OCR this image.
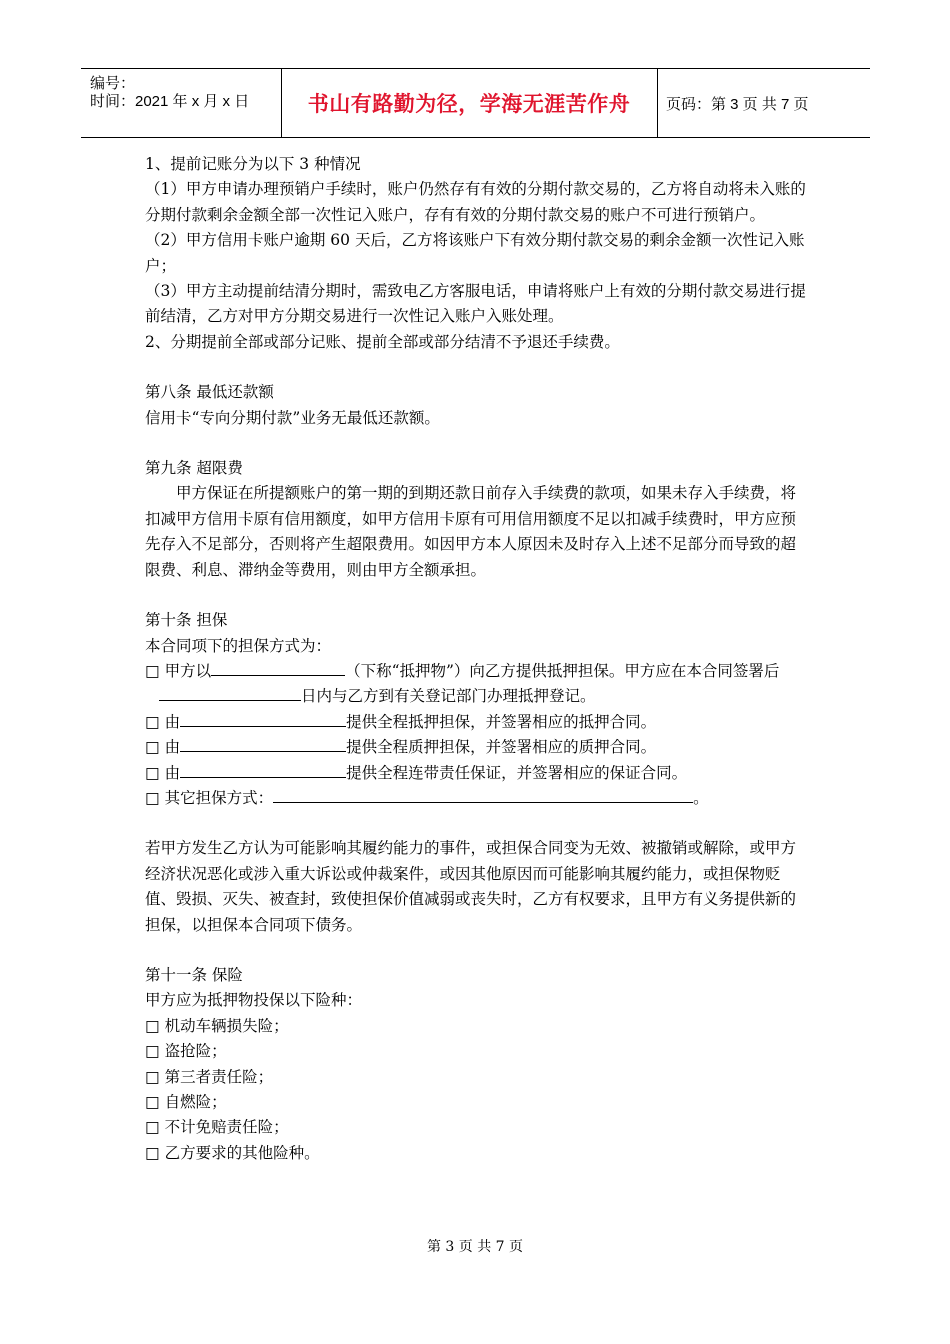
编号：
时间：2021 年 x 月 x 日	书山有路勤为径，学海无涯苦作舟 页码：第 3 页 共 7 页

1、提前记账分为以下 3 种情况

（1）甲方申请办理预销户手续时，账户仍然存有有效的分期付款交易的，乙方将自动将未入账的分期付款剩余金额全部一次性记入账户，存有有效的分期付款交易的账户不可进行预销户。

（2）甲方信用卡账户逾期 60 天后，乙方将该账户下有效分期付款交易的剩余金额一次性记入账户；

（3）甲方主动提前结清分期时，需致电乙方客服电话，申请将账户上有效的分期付款交易进行提前结清，乙方对甲方分期交易进行一次性记入账户入账处理。

2、分期提前全部或部分记账、提前全部或部分结清不予退还手续费。

第八条 最低还款额

信用卡“专向分期付款”业务无最低还款额。

第九条 超限费

甲方保证在所提额账户的第一期的到期还款日前存入手续费的款项，如果未存入手续费，将扣减甲方信用卡原有信用额度，如甲方信用卡原有可用信用额度不足以扣减手续费时，甲方应预先存入不足部分，否则将产生超限费用。如因甲方本人原因未及时存入上述不足部分而导致的超限费、利息、滞纳金等费用，则由甲方全额承担。

第十条 担保

本合同项下的担保方式为：

□ 甲方以	（下称“抵押物”）向乙方提供抵押担保。甲方应在本合同签署后日内与乙方到有关登记部门办理抵押登记。

□ 由	提供全程抵押担保，并签署相应的抵押合同。

□ 由	提供全程质押担保，并签署相应的质押合同。

□ 由	提供全程连带责任保证，并签署相应的保证合同。

□ 其它担保方式：	。

若甲方发生乙方认为可能影响其履约能力的事件，或担保合同变为无效、被撤销或解除，或甲方经济状况恶化或涉入重大诉讼或仲裁案件，或因其他原因而可能影响其履约能力，或担保物贬值、毁损、灭失、被查封，致使担保价值减弱或丧失时，乙方有权要求，且甲方有义务提供新的担保，以担保本合同项下债务。

第十一条 保险

甲方应为抵押物投保以下险种：

□ 机动车辆损失险；

□ 盗抢险；

□ 第三者责任险；

□ 自燃险；

□ 不计免赔责任险；

□ 乙方要求的其他险种。

第 3 页 共 7 页
